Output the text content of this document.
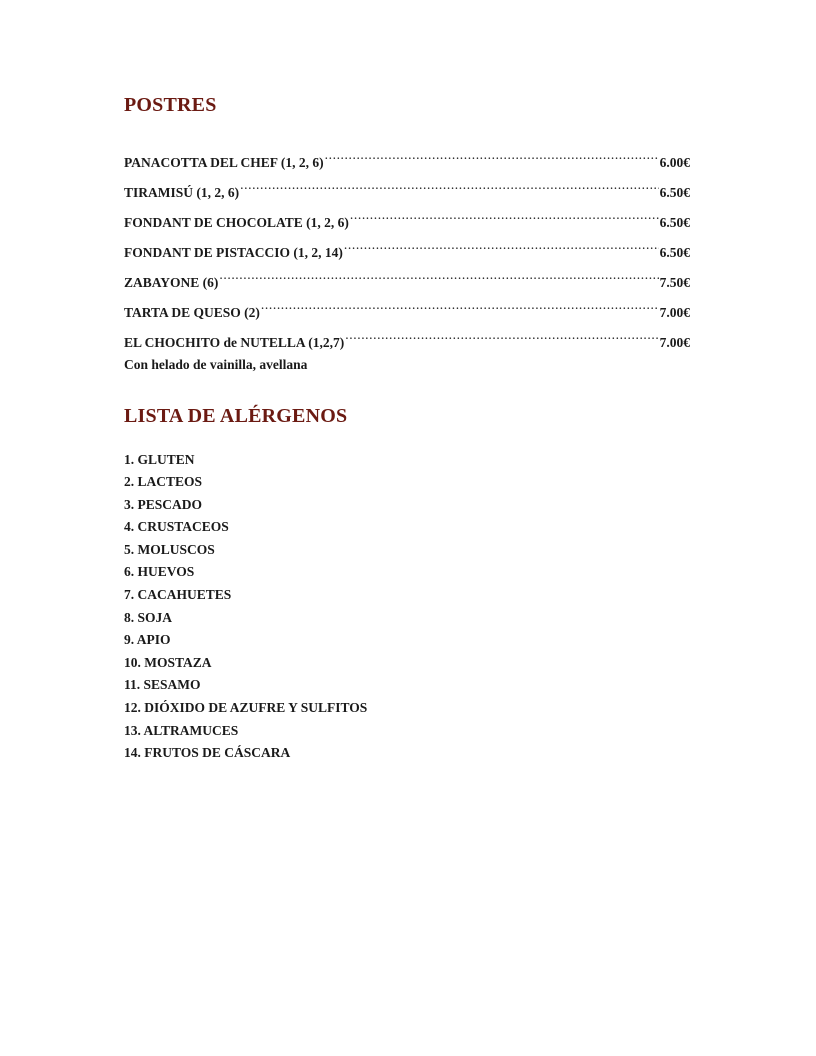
POSTRES
PANACOTTA DEL CHEF (1, 2, 6) .....	6.00€
TIRAMISÚ (1, 2, 6) .....	6.50€
FONDANT DE CHOCOLATE (1, 2, 6) .....	6.50€
FONDANT DE PISTACCIO (1, 2, 14) .....	6.50€
ZABAYONE (6) .....	7.50€
TARTA DE QUESO (2) .....	7.00€
EL CHOCHITO de NUTELLA (1,2,7) .....	7.00€

Con helado de vainilla, avellana

LISTA DE ALÉRGENOS
1. GLUTEN
2. LACTEOS
3. PESCADO
4. CRUSTACEOS
5. MOLUSCOS
6. HUEVOS
7. CACAHUETES
8. SOJA
9. APIO
10. MOSTAZA
11. SESAMO
12. DIÓXIDO DE AZUFRE Y SULFITOS
13. ALTRAMUCES
14. FRUTOS DE CÁSCARA
